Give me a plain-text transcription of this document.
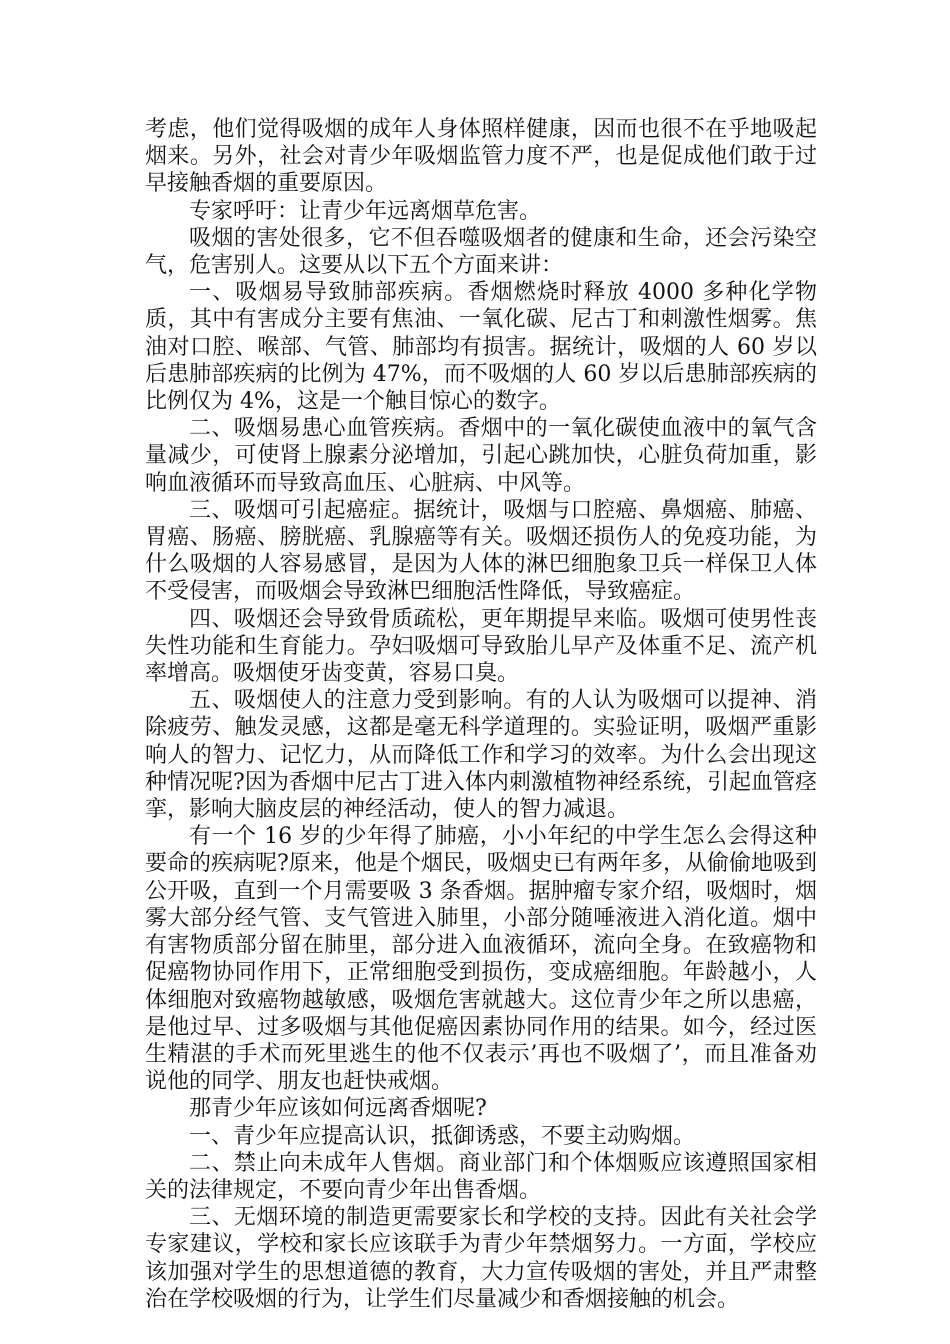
考虑，他们觉得吸烟的成年人身体照样健康，因而也很不在乎地吸起烟来。另外，社会对青少年吸烟监管力度不严，也是促成他们敢于过早接触香烟的重要原因。

专家呼吁：让青少年远离烟草危害。

吸烟的害处很多，它不但吞噬吸烟者的健康和生命，还会污染空气，危害别人。这要从以下五个方面来讲：

一、吸烟易导致肺部疾病。香烟燃烧时释放 4000 多种化学物质，其中有害成分主要有焦油、一氧化碳、尼古丁和刺激性烟雾。焦油对口腔、喉部、气管、肺部均有损害。据统计，吸烟的人 60 岁以后患肺部疾病的比例为 47%，而不吸烟的人 60 岁以后患肺部疾病的比例仅为 4%，这是一个触目惊心的数字。

二、吸烟易患心血管疾病。香烟中的一氧化碳使血液中的氧气含量减少，可使肾上腺素分泌增加，引起心跳加快，心脏负荷加重，影响血液循环而导致高血压、心脏病、中风等。

三、吸烟可引起癌症。据统计，吸烟与口腔癌、鼻烟癌、肺癌、胃癌、肠癌、膀胱癌、乳腺癌等有关。吸烟还损伤人的免疫功能，为什么吸烟的人容易感冒，是因为人体的淋巴细胞象卫兵一样保卫人体不受侵害，而吸烟会导致淋巴细胞活性降低，导致癌症。

四、吸烟还会导致骨质疏松，更年期提早来临。吸烟可使男性丧失性功能和生育能力。孕妇吸烟可导致胎儿早产及体重不足、流产机率增高。吸烟使牙齿变黄，容易口臭。

五、吸烟使人的注意力受到影响。有的人认为吸烟可以提神、消除疲劳、触发灵感，这都是毫无科学道理的。实验证明，吸烟严重影响人的智力、记忆力，从而降低工作和学习的效率。为什么会出现这种情况呢?因为香烟中尼古丁进入体内刺激植物神经系统，引起血管痉挛，影响大脑皮层的神经活动，使人的智力减退。

有一个 16 岁的少年得了肺癌，小小年纪的中学生怎么会得这种要命的疾病呢?原来，他是个烟民，吸烟史已有两年多，从偷偷地吸到公开吸，直到一个月需要吸 3 条香烟。据肿瘤专家介绍，吸烟时，烟雾大部分经气管、支气管进入肺里，小部分随唾液进入消化道。烟中有害物质部分留在肺里，部分进入血液循环，流向全身。在致癌物和促癌物协同作用下，正常细胞受到损伤，变成癌细胞。年龄越小，人体细胞对致癌物越敏感，吸烟危害就越大。这位青少年之所以患癌，是他过早、过多吸烟与其他促癌因素协同作用的结果。如今，经过医生精湛的手术而死里逃生的他不仅表示’再也不吸烟了’，而且准备劝说他的同学、朋友也赶快戒烟。

那青少年应该如何远离香烟呢?

一、青少年应提高认识，抵御诱惑，不要主动购烟。

二、禁止向未成年人售烟。商业部门和个体烟贩应该遵照国家相关的法律规定，不要向青少年出售香烟。

三、无烟环境的制造更需要家长和学校的支持。因此有关社会学专家建议，学校和家长应该联手为青少年禁烟努力。一方面，学校应该加强对学生的思想道德的教育，大力宣传吸烟的害处，并且严肃整治在学校吸烟的行为，让学生们尽量减少和香烟接触的机会。
